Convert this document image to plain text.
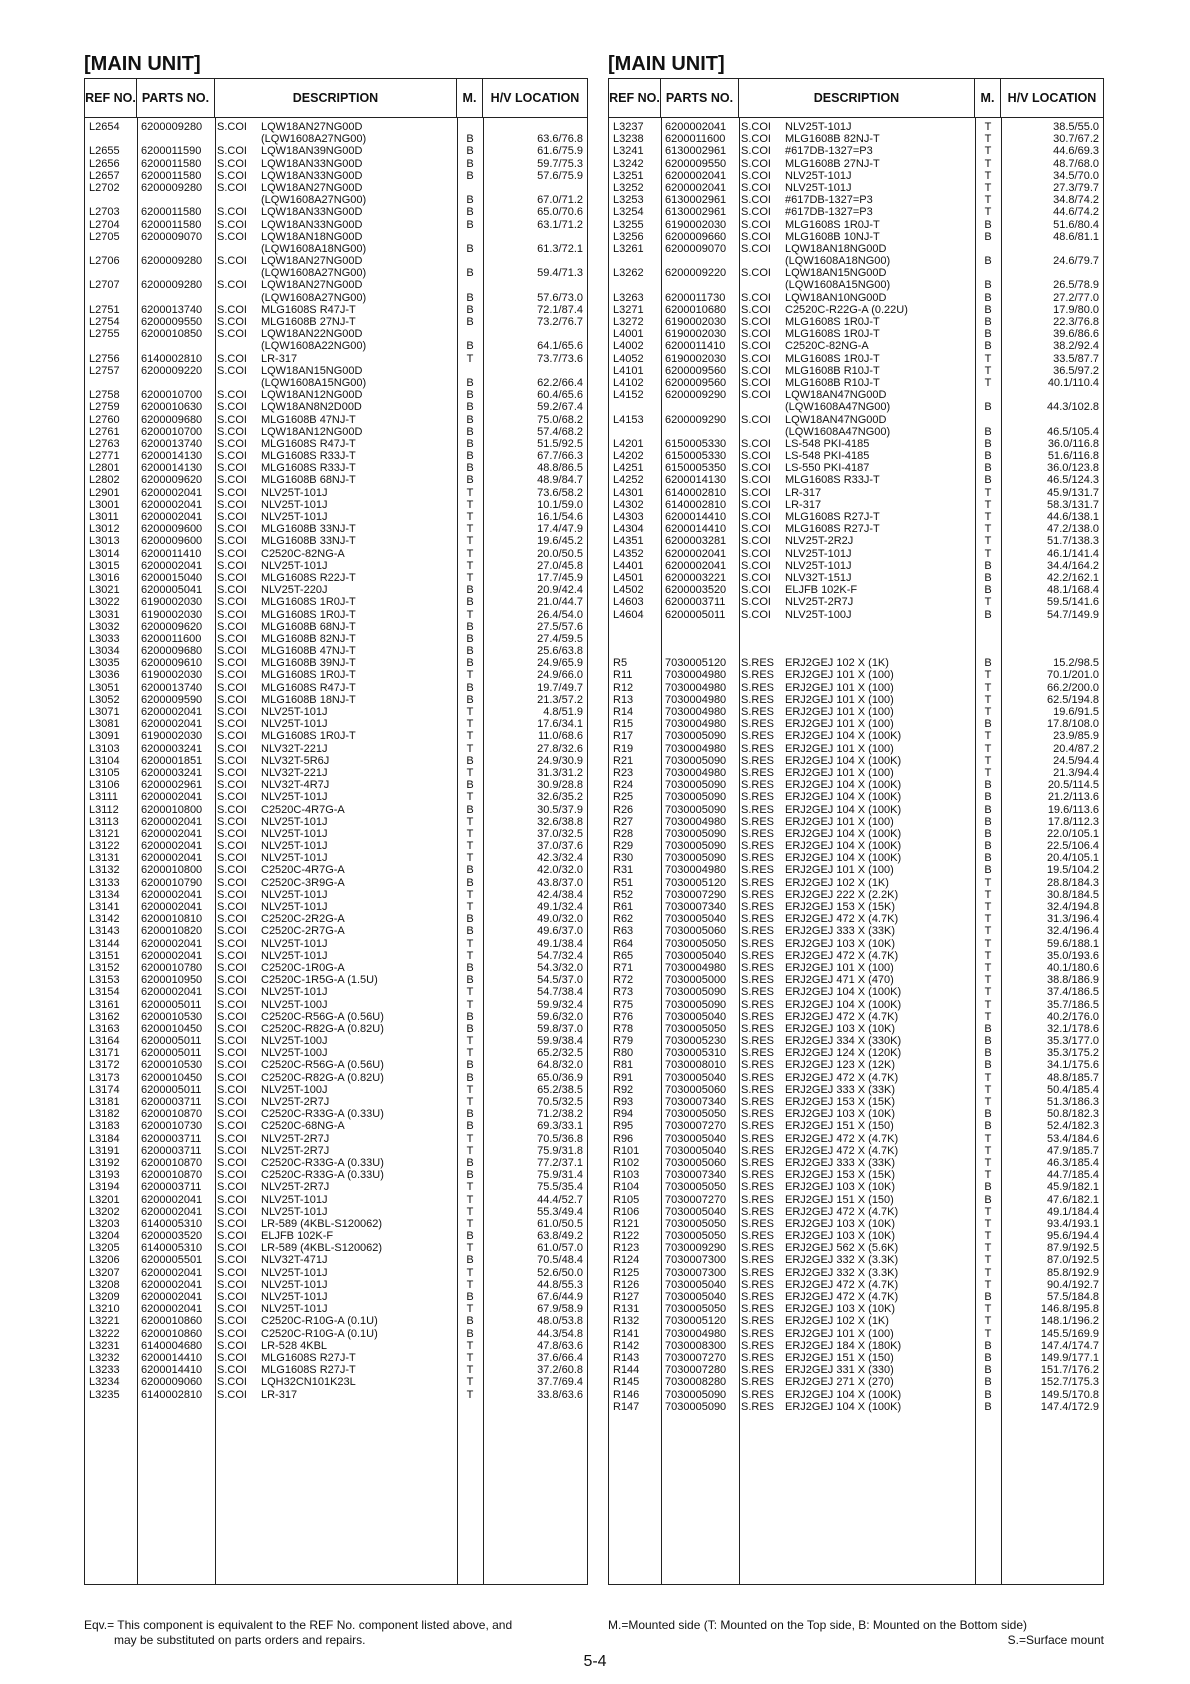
[MAIN UNIT]
REF NO. PARTS NO.	DESCRIPTION	M.	H/V LOCATION
L2654 6200009280 S.COI LQW18AN27NG00D
(LQW1608A27NG00)	B	63.6/76.8
L2655 6200011590 S.COI LQW18AN39NG00D	B	61.6/75.9
L2656 6200011580 S.COI LQW18AN33NG00D	B	59.7/75.3
L2657 6200011580 S.COI LQW18AN33NG00D	B	57.6/75.9
L2702 6200009280 S.COI LQW18AN27NG00D
(LQW1608A27NG00)	B	67.0/71.2
L2703 6200011580 S.COI LQW18AN33NG00D	B	65.0/70.6
L2704 6200011580 S.COI LQW18AN33NG00D	B	63.1/71.2
L2705 6200009070 S.COI LQW18AN18NG00D
(LQW1608A18NG00)	B	61.3/72.1
L2706 6200009280 S.COI LQW18AN27NG00D
(LQW1608A27NG00)	B	59.4/71.3
L2707 6200009280 S.COI LQW18AN27NG00D
(LQW1608A27NG00)	B	57.6/73.0
L2751 6200013740 S.COI MLG1608S R47J-T	B	72.1/87.4
L2754 6200009550 S.COI MLG1608B 27NJ-T	B	73.2/76.7
L2755 6200010850 S.COI LQW18AN22NG00D
(LQW1608A22NG00)	B	64.1/65.6
L2756 6140002810 S.COI LR-317	T	73.7/73.6
L2757 6200009220 S.COI LQW18AN15NG00D
(LQW1608A15NG00)	B	62.2/66.4
L2758 6200010700 S.COI LQW18AN12NG00D	B	60.4/65.6
L2759 6200010630 S.COI LQW18AN8N2D00D	B	59.2/67.4
L2760 6200009680 S.COI MLG1608B 47NJ-T	B	75.0/68.2
L2761 6200010700 S.COI LQW18AN12NG00D	B	57.4/68.2
L2763 6200013740 S.COI MLG1608S R47J-T	B	51.5/92.5
L2771 6200014130 S.COI MLG1608S R33J-T	B	67.7/66.3
L2801 6200014130 S.COI MLG1608S R33J-T	B	48.8/86.5
L2802 6200009620 S.COI MLG1608B 68NJ-T	B	48.9/84.7
L2901 6200002041 S.COI NLV25T-101J	T	73.6/58.2
L3001 6200002041 S.COI NLV25T-101J	T	10.1/59.0
L3011 6200002041 S.COI NLV25T-101J	T	16.1/54.6
L3012 6200009600 S.COI MLG1608B 33NJ-T	T	17.4/47.9
L3013 6200009600 S.COI MLG1608B 33NJ-T	T	19.6/45.2
L3014 6200011410 S.COI C2520C-82NG-A	T	20.0/50.5
L3015 6200002041 S.COI NLV25T-101J	T	27.0/45.8
L3016 6200015040 S.COI MLG1608S R22J-T	T	17.7/45.9
L3021 6200005041 S.COI NLV25T-220J	B	20.9/42.4
L3022 6190002030 S.COI MLG1608S 1R0J-T	B	21.0/44.7
L3031 6190002030 S.COI MLG1608S 1R0J-T	T	26.4/54.0
L3032 6200009620 S.COI MLG1608B 68NJ-T	B	27.5/57.6
L3033 6200011600 S.COI MLG1608B 82NJ-T	B	27.4/59.5
L3034 6200009680 S.COI MLG1608B 47NJ-T	B	25.6/63.8
L3035 6200009610 S.COI MLG1608B 39NJ-T	B	24.9/65.9
L3036 6190002030 S.COI MLG1608S 1R0J-T	T	24.9/66.0
L3051 6200013740 S.COI MLG1608S R47J-T	B	19.7/49.7
L3052 6200009590 S.COI MLG1608B 18NJ-T	B	21.3/57.2
L3071 6200002041 S.COI NLV25T-101J	T	4.8/51.9
L3081 6200002041 S.COI NLV25T-101J	T	17.6/34.1
L3091 6190002030 S.COI MLG1608S 1R0J-T	T	11.0/68.6
L3103 6200003241 S.COI NLV32T-221J	T	27.8/32.6
L3104 6200001851 S.COI NLV32T-5R6J	B	24.9/30.9
L3105 6200003241 S.COI NLV32T-221J	T	31.3/31.2
L3106 6200002961 S.COI NLV32T-4R7J	B	30.9/28.8
L3111 6200002041 S.COI NLV25T-101J	T	32.6/35.2
L3112 6200010800 S.COI C2520C-4R7G-A	B	30.5/37.9
L3113 6200002041 S.COI NLV25T-101J	T	32.6/38.8
L3121 6200002041 S.COI NLV25T-101J	T	37.0/32.5
L3122 6200002041 S.COI NLV25T-101J	T	37.0/37.6
L3131 6200002041 S.COI NLV25T-101J	T	42.3/32.4
L3132 6200010800 S.COI C2520C-4R7G-A	B	42.0/32.0
L3133 6200010790 S.COI C2520C-3R9G-A	B	43.8/37.0
L3134 6200002041 S.COI NLV25T-101J	T	42.4/38.4
L3141 6200002041 S.COI NLV25T-101J	T	49.1/32.4
L3142 6200010810 S.COI C2520C-2R2G-A	B	49.0/32.0
L3143 6200010820 S.COI C2520C-2R7G-A	B	49.6/37.0
L3144 6200002041 S.COI NLV25T-101J	T	49.1/38.4
L3151 6200002041 S.COI NLV25T-101J	T	54.7/32.4
L3152 6200010780 S.COI C2520C-1R0G-A	B	54.3/32.0
L3153 6200010950 S.COI C2520C-1R5G-A (1.5U)	B	54.5/37.0
L3154 6200002041 S.COI NLV25T-101J	T	54.7/38.4
L3161 6200005011 S.COI NLV25T-100J	T	59.9/32.4
L3162 6200010530 S.COI C2520C-R56G-A (0.56U)	B	59.6/32.0
L3163 6200010450 S.COI C2520C-R82G-A (0.82U)	B	59.8/37.0
L3164 6200005011 S.COI NLV25T-100J	T	59.9/38.4
L3171 6200005011 S.COI NLV25T-100J	T	65.2/32.5
L3172 6200010530 S.COI C2520C-R56G-A (0.56U)	B	64.8/32.0
L3173 6200010450 S.COI C2520C-R82G-A (0.82U)	B	65.0/36.9
L3174 6200005011 S.COI NLV25T-100J	T	65.2/38.5
L3181 6200003711 S.COI NLV25T-2R7J	T	70.5/32.5
L3182 6200010870 S.COI C2520C-R33G-A (0.33U)	B	71.2/38.2
L3183 6200010730 S.COI C2520C-68NG-A	B	69.3/33.1
L3184 6200003711 S.COI NLV25T-2R7J	T	70.5/36.8
L3191 6200003711 S.COI NLV25T-2R7J	T	75.9/31.8
L3192 6200010870 S.COI C2520C-R33G-A (0.33U)	B	77.2/37.1
L3193 6200010870 S.COI C2520C-R33G-A (0.33U)	B	75.9/31.4
L3194 6200003711 S.COI NLV25T-2R7J	T	75.5/35.4
L3201 6200002041 S.COI NLV25T-101J	T	44.4/52.7
L3202 6200002041 S.COI NLV25T-101J	T	55.3/49.4
L3203 6140005310 S.COI LR-589 (4KBL-S120062)	T	61.0/50.5
L3204 6200003520 S.COI ELJFB 102K-F	B	63.8/49.2
L3205 6140005310 S.COI LR-589 (4KBL-S120062)	T	61.0/57.0
L3206 6200005501 S.COI NLV32T-471J	B	70.5/48.4
L3207 6200002041 S.COI NLV25T-101J	T	52.6/50.0
L3208 6200002041 S.COI NLV25T-101J	T	44.8/55.3
L3209 6200002041 S.COI NLV25T-101J	B	67.6/44.9
L3210 6200002041 S.COI NLV25T-101J	T	67.9/58.9
L3221 6200010860 S.COI C2520C-R10G-A (0.1U)	B	48.0/53.8
L3222 6200010860 S.COI C2520C-R10G-A (0.1U)	B	44.3/54.8
L3231 6140004680 S.COI LR-528 4KBL	T	47.8/63.6
L3232 6200014410 S.COI MLG1608S R27J-T	T	37.6/66.4
L3233 6200014410 S.COI MLG1608S R27J-T	T	37.2/60.8
L3234 6200009060 S.COI LQH32CN101K23L	T	37.7/69.4
L3235 6140002810 S.COI LR-317	T	33.8/63.6
[MAIN UNIT]
REF NO. PARTS NO.	DESCRIPTION	M.	H/V LOCATION
L3237 6200002041 S.COI NLV25T-101J	T	38.5/55.0
L3238 6200011600 S.COI MLG1608B 82NJ-T	T	30.7/67.2
L3241 6130002961 S.COI #617DB-1327=P3	T	44.6/69.3
L3242 6200009550 S.COI MLG1608B 27NJ-T	T	48.7/68.0
L3251 6200002041 S.COI NLV25T-101J	T	34.5/70.0
L3252 6200002041 S.COI NLV25T-101J	T	27.3/79.7
L3253 6130002961 S.COI #617DB-1327=P3	T	34.8/74.2
L3254 6130002961 S.COI #617DB-1327=P3	T	44.6/74.2
L3255 6190002030 S.COI MLG1608S 1R0J-T	B	51.6/80.4
L3256 6200009660 S.COI MLG1608B 10NJ-T	B	48.6/81.1
L3261 6200009070 S.COI LQW18AN18NG00D
(LQW1608A18NG00)	B	24.6/79.7
L3262 6200009220 S.COI LQW18AN15NG00D
(LQW1608A15NG00)	B	26.5/78.9
L3263 6200011730 S.COI LQW18AN10NG00D	B	27.2/77.0
L3271 6200010680 S.COI C2520C-R22G-A (0.22U)	B	17.9/80.0
L3272 6190002030 S.COI MLG1608S 1R0J-T	B	22.3/76.8
L4001 6190002030 S.COI MLG1608S 1R0J-T	B	39.6/86.6
L4002 6200011410 S.COI C2520C-82NG-A	B	38.2/92.4
L4052 6190002030 S.COI MLG1608S 1R0J-T	T	33.5/87.7
L4101 6200009560 S.COI MLG1608B R10J-T	T	36.5/97.2
L4102 6200009560 S.COI MLG1608B R10J-T	T	40.1/110.4
L4152 6200009290 S.COI LQW18AN47NG00D
(LQW1608A47NG00)	B	44.3/102.8
L4153 6200009290 S.COI LQW18AN47NG00D
(LQW1608A47NG00)	B	46.5/105.4
L4201 6150005330 S.COI LS-548 PKI-4185	B	36.0/116.8
L4202 6150005330 S.COI LS-548 PKI-4185	B	51.6/116.8
L4251 6150005350 S.COI LS-550 PKI-4187	B	36.0/123.8
L4252 6200014130 S.COI MLG1608S R33J-T	B	46.5/124.3
L4301 6140002810 S.COI LR-317	T	45.9/131.7
L4302 6140002810 S.COI LR-317	T	58.3/131.7
L4303 6200014410 S.COI MLG1608S R27J-T	T	44.6/138.1
L4304 6200014410 S.COI MLG1608S R27J-T	T	47.2/138.0
L4351 6200003281 S.COI NLV25T-2R2J	T	51.7/138.3
L4352 6200002041 S.COI NLV25T-101J	T	46.1/141.4
L4401 6200002041 S.COI NLV25T-101J	B	34.4/164.2
L4501 6200003221 S.COI NLV32T-151J	B	42.2/162.1
L4502 6200003520 S.COI ELJFB 102K-F	B	48.1/168.4
L4603 6200003711 S.COI NLV25T-2R7J	T	59.5/141.6
L4604 6200005011 S.COI NLV25T-100J	B	54.7/149.9
R5	7030005120 S.RES ERJ2GEJ 102 X (1K)	B	15.2/98.5
R11	7030004980 S.RES ERJ2GEJ 101 X (100)	T	70.1/201.0
R12	7030004980 S.RES ERJ2GEJ 101 X (100)	T	66.2/200.0
R13	7030004980 S.RES ERJ2GEJ 101 X (100)	T	62.5/194.8
R14	7030004980 S.RES ERJ2GEJ 101 X (100)	T	19.6/91.5
R15	7030004980 S.RES ERJ2GEJ 101 X (100)	B	17.8/108.0
R17	7030005090 S.RES ERJ2GEJ 104 X (100K)	T	23.9/85.9
R19	7030004980 S.RES ERJ2GEJ 101 X (100)	T	20.4/87.2
R21	7030005090 S.RES ERJ2GEJ 104 X (100K)	T	24.5/94.4
R23	7030004980 S.RES ERJ2GEJ 101 X (100)	T	21.3/94.4
R24	7030005090 S.RES ERJ2GEJ 104 X (100K)	B	20.5/114.5
R25	7030005090 S.RES ERJ2GEJ 104 X (100K)	B	21.2/113.6
R26	7030005090 S.RES ERJ2GEJ 104 X (100K)	B	19.6/113.6
R27	7030004980 S.RES ERJ2GEJ 101 X (100)	B	17.8/112.3
R28	7030005090 S.RES ERJ2GEJ 104 X (100K)	B	22.0/105.1
R29	7030005090 S.RES ERJ2GEJ 104 X (100K)	B	22.5/106.4
R30	7030005090 S.RES ERJ2GEJ 104 X (100K)	B	20.4/105.1
R31	7030004980 S.RES ERJ2GEJ 101 X (100)	B	19.5/104.2
R51	7030005120 S.RES ERJ2GEJ 102 X (1K)	T	28.8/184.3
R52	7030007290 S.RES ERJ2GEJ 222 X (2.2K)	T	30.8/184.5
R61	7030007340 S.RES ERJ2GEJ 153 X (15K)	T	32.4/194.8
R62	7030005040 S.RES ERJ2GEJ 472 X (4.7K)	T	31.3/196.4
R63	7030005060 S.RES ERJ2GEJ 333 X (33K)	T	32.4/196.4
R64	7030005050 S.RES ERJ2GEJ 103 X (10K)	T	59.6/188.1
R65	7030005040 S.RES ERJ2GEJ 472 X (4.7K)	T	35.0/193.6
R71	7030004980 S.RES ERJ2GEJ 101 X (100)	T	40.1/180.6
R72	7030005000 S.RES ERJ2GEJ 471 X (470)	T	38.8/186.9
R73	7030005090 S.RES ERJ2GEJ 104 X (100K)	T	37.4/186.5
R75	7030005090 S.RES ERJ2GEJ 104 X (100K)	T	35.7/186.5
R76	7030005040 S.RES ERJ2GEJ 472 X (4.7K)	T	40.2/176.0
R78	7030005050 S.RES ERJ2GEJ 103 X (10K)	B	32.1/178.6
R79	7030005230 S.RES ERJ2GEJ 334 X (330K)	B	35.3/177.0
R80	7030005310 S.RES ERJ2GEJ 124 X (120K)	B	35.3/175.2
R81	7030008010 S.RES ERJ2GEJ 123 X (12K)	B	34.1/175.6
R91	7030005040 S.RES ERJ2GEJ 472 X (4.7K)	T	48.8/185.7
R92	7030005060 S.RES ERJ2GEJ 333 X (33K)	T	50.4/185.4
R93	7030007340 S.RES ERJ2GEJ 153 X (15K)	T	51.3/186.3
R94	7030005050 S.RES ERJ2GEJ 103 X (10K)	B	50.8/182.3
R95	7030007270 S.RES ERJ2GEJ 151 X (150)	B	52.4/182.3
R96	7030005040 S.RES ERJ2GEJ 472 X (4.7K)	T	53.4/184.6
R101 7030005040 S.RES ERJ2GEJ 472 X (4.7K)	T	47.9/185.7
R102 7030005060 S.RES ERJ2GEJ 333 X (33K)	T	46.3/185.4
R103 7030007340 S.RES ERJ2GEJ 153 X (15K)	T	44.7/185.4
R104 7030005050 S.RES ERJ2GEJ 103 X (10K)	B	45.9/182.1
R105 7030007270 S.RES ERJ2GEJ 151 X (150)	B	47.6/182.1
R106 7030005040 S.RES ERJ2GEJ 472 X (4.7K)	T	49.1/184.4
R121 7030005050 S.RES ERJ2GEJ 103 X (10K)	T	93.4/193.1
R122 7030005050 S.RES ERJ2GEJ 103 X (10K)	T	95.6/194.4
R123 7030009290 S.RES ERJ2GEJ 562 X (5.6K)	T	87.9/192.5
R124 7030007300 S.RES ERJ2GEJ 332 X (3.3K)	T	87.0/192.5
R125 7030007300 S.RES ERJ2GEJ 332 X (3.3K)	T	85.8/192.9
R126 7030005040 S.RES ERJ2GEJ 472 X (4.7K)	T	90.4/192.7
R127 7030005040 S.RES ERJ2GEJ 472 X (4.7K)	B	57.5/184.8
R131 7030005050 S.RES ERJ2GEJ 103 X (10K)	T	146.8/195.8
R132 7030005120 S.RES ERJ2GEJ 102 X (1K)	T	148.1/196.2
R141 7030004980 S.RES ERJ2GEJ 101 X (100)	T	145.5/169.9
R142 7030008300 S.RES ERJ2GEJ 184 X (180K)	B	147.4/174.7
R143 7030007270 S.RES ERJ2GEJ 151 X (150)	B	149.9/177.1
R144 7030007280 S.RES ERJ2GEJ 331 X (330)	B	151.7/176.2
R145 7030008280 S.RES ERJ2GEJ 271 X (270)	B	152.7/175.3
R146 7030005090 S.RES ERJ2GEJ 104 X (100K)	B	149.5/170.8
R147 7030005090 S.RES ERJ2GEJ 104 X (100K)	B	147.4/172.9
Eqv.= This component is equivalent to the REF No. component listed above, and
may be substituted on parts orders and repairs.
M.=Mounted side (T: Mounted on the Top side, B: Mounted on the Bottom side)
S.=Surface mount
5-4
